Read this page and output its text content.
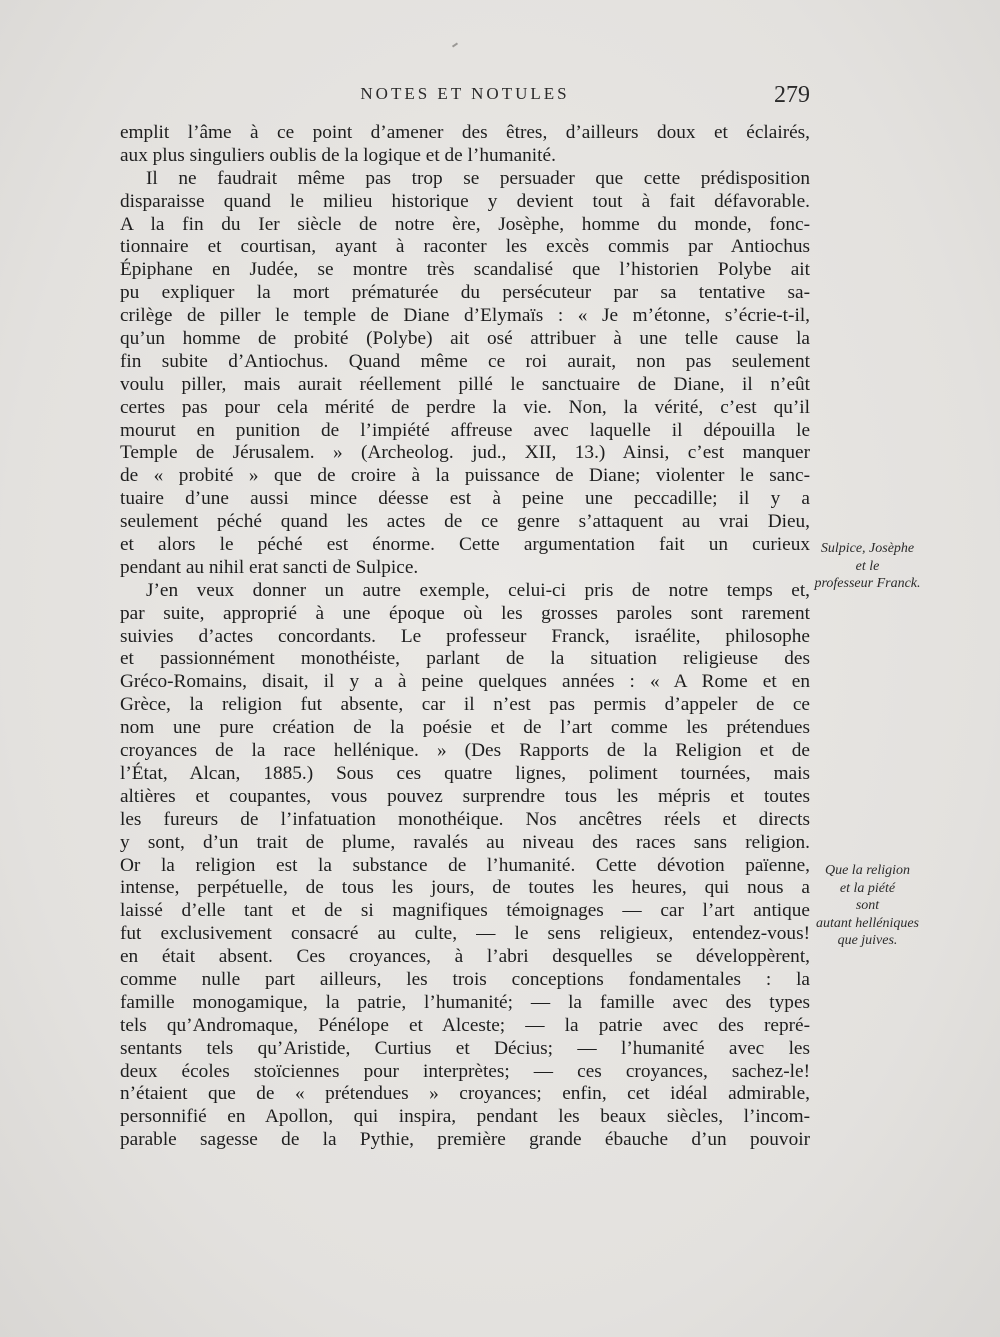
NOTES ET NOTULES	279
emplit l’âme à ce point d’amener des êtres, d’ailleurs doux et éclairés,
aux plus singuliers oublis de la logique et de l’humanité.
Il ne faudrait même pas trop se persuader que cette prédisposition
disparaisse quand le milieu historique y devient tout à fait défavorable.
A la fin du Ier siècle de notre ère, Josèphe, homme du monde, fonc-
tionnaire et courtisan, ayant à raconter les excès commis par Antiochus
Épiphane en Judée, se montre très scandalisé que l’historien Polybe ait
pu expliquer la mort prématurée du persécuteur par sa tentative sa-
crilège de piller le temple de Diane d’Elymaïs : « Je m’étonne, s’écrie-t-il,
qu’un homme de probité (Polybe) ait osé attribuer à une telle cause la
fin subite d’Antiochus. Quand même ce roi aurait, non pas seulement
voulu piller, mais aurait réellement pillé le sanctuaire de Diane, il n’eût
certes pas pour cela mérité de perdre la vie. Non, la vérité, c’est qu’il
mourut en punition de l’impiété affreuse avec laquelle il dépouilla le
Temple de Jérusalem. » (Archeolog. jud., XII, 13.) Ainsi, c’est manquer
de « probité » que de croire à la puissance de Diane; violenter le sanc-
tuaire d’une aussi mince déesse est à peine une peccadille; il y a
seulement péché quand les actes de ce genre s’attaquent au vrai Dieu,
et alors le péché est énorme. Cette argumentation fait un curieux
pendant au nihil erat sancti de Sulpice.
J’en veux donner un autre exemple, celui-ci pris de notre temps et,
par suite, approprié à une époque où les grosses paroles sont rarement
suivies d’actes concordants. Le professeur Franck, israélite, philosophe
et passionnément monothéiste, parlant de la situation religieuse des
Gréco-Romains, disait, il y a à peine quelques années : « A Rome et en
Grèce, la religion fut absente, car il n’est pas permis d’appeler de ce
nom une pure création de la poésie et de l’art comme les prétendues
croyances de la race hellénique. » (Des Rapports de la Religion et de
l’État, Alcan, 1885.) Sous ces quatre lignes, poliment tournées, mais
altières et coupantes, vous pouvez surprendre tous les mépris et toutes
les fureurs de l’infatuation monothéique. Nos ancêtres réels et directs
y sont, d’un trait de plume, ravalés au niveau des races sans religion.
Or la religion est la substance de l’humanité. Cette dévotion païenne,
intense, perpétuelle, de tous les jours, de toutes les heures, qui nous a
laissé d’elle tant et de si magnifiques témoignages — car l’art antique
fut exclusivement consacré au culte, — le sens religieux, entendez-vous!
en était absent. Ces croyances, à l’abri desquelles se développèrent,
comme nulle part ailleurs, les trois conceptions fondamentales : la
famille monogamique, la patrie, l’humanité; — la famille avec des types
tels qu’Andromaque, Pénélope et Alceste; — la patrie avec des repré-
sentants tels qu’Aristide, Curtius et Décius; — l’humanité avec les
deux écoles stoïciennes pour interprètes; — ces croyances, sachez-le!
n’étaient que de « prétendues » croyances; enfin, cet idéal admirable,
personnifié en Apollon, qui inspira, pendant les beaux siècles, l’incom-
parable sagesse de la Pythie, première grande ébauche d’un pouvoir
Sulpice, Josèphe
et le
professeur Franck.
Que la religion
et la piété
sont
autant helléniques
que juives.
